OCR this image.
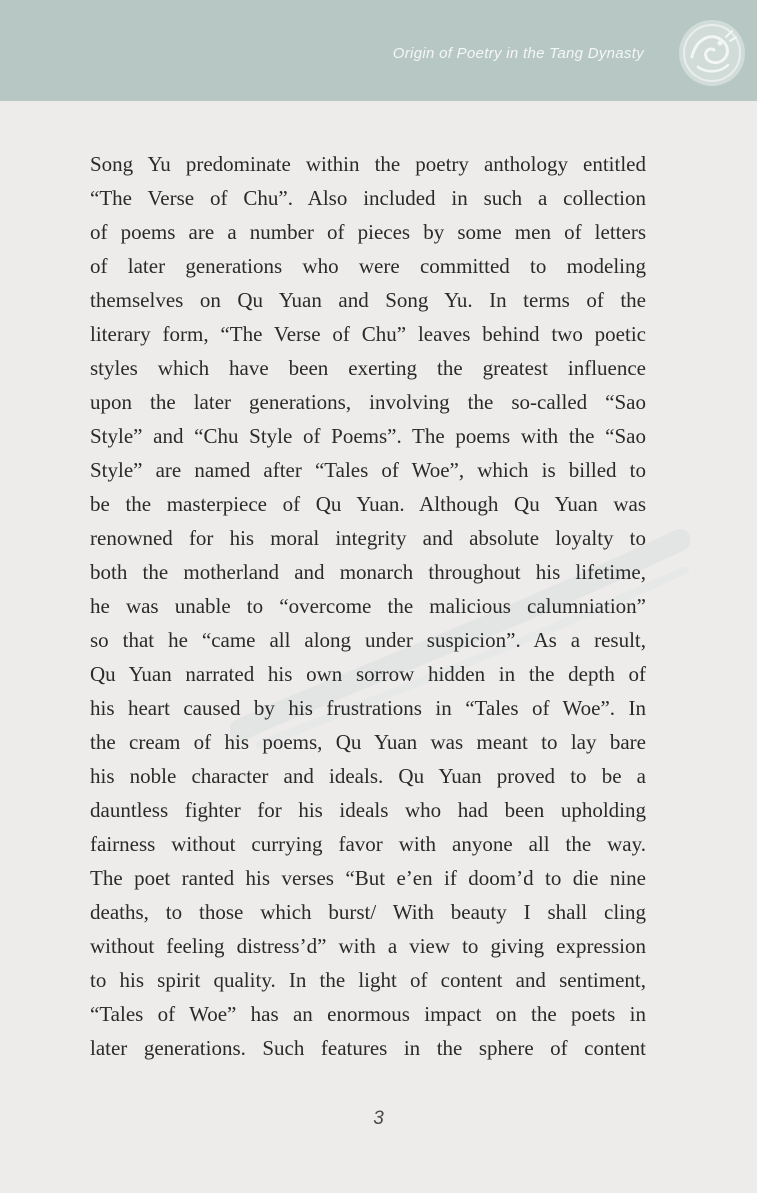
Origin of Poetry in the Tang Dynasty
Song Yu predominate within the poetry anthology entitled
“The Verse of Chu”. Also included in such a collection
of poems are a number of pieces by some men of letters
of later generations who were committed to modeling
themselves on Qu Yuan and Song Yu. In terms of the
literary form, “The Verse of Chu” leaves behind two poetic
styles which have been exerting the greatest influence
upon the later generations, involving the so-called “Sao
Style” and “Chu Style of Poems”. The poems with the “Sao
Style” are named after “Tales of Woe”, which is billed to
be the masterpiece of Qu Yuan. Although Qu Yuan was
renowned for his moral integrity and absolute loyalty to
both the motherland and monarch throughout his lifetime,
he was unable to “overcome the malicious calumniation”
so that he “came all along under suspicion”. As a result,
Qu Yuan narrated his own sorrow hidden in the depth of
his heart caused by his frustrations in “Tales of Woe”. In
the cream of his poems, Qu Yuan was meant to lay bare
his noble character and ideals. Qu Yuan proved to be a
dauntless fighter for his ideals who had been upholding
fairness without currying favor with anyone all the way.
The poet ranted his verses “But e’en if doom’d to die nine
deaths, to those which burst/ With beauty I shall cling
without feeling distress’d” with a view to giving expression
to his spirit quality. In the light of content and sentiment,
“Tales of Woe” has an enormous impact on the poets in
later generations. Such features in the sphere of content
3
